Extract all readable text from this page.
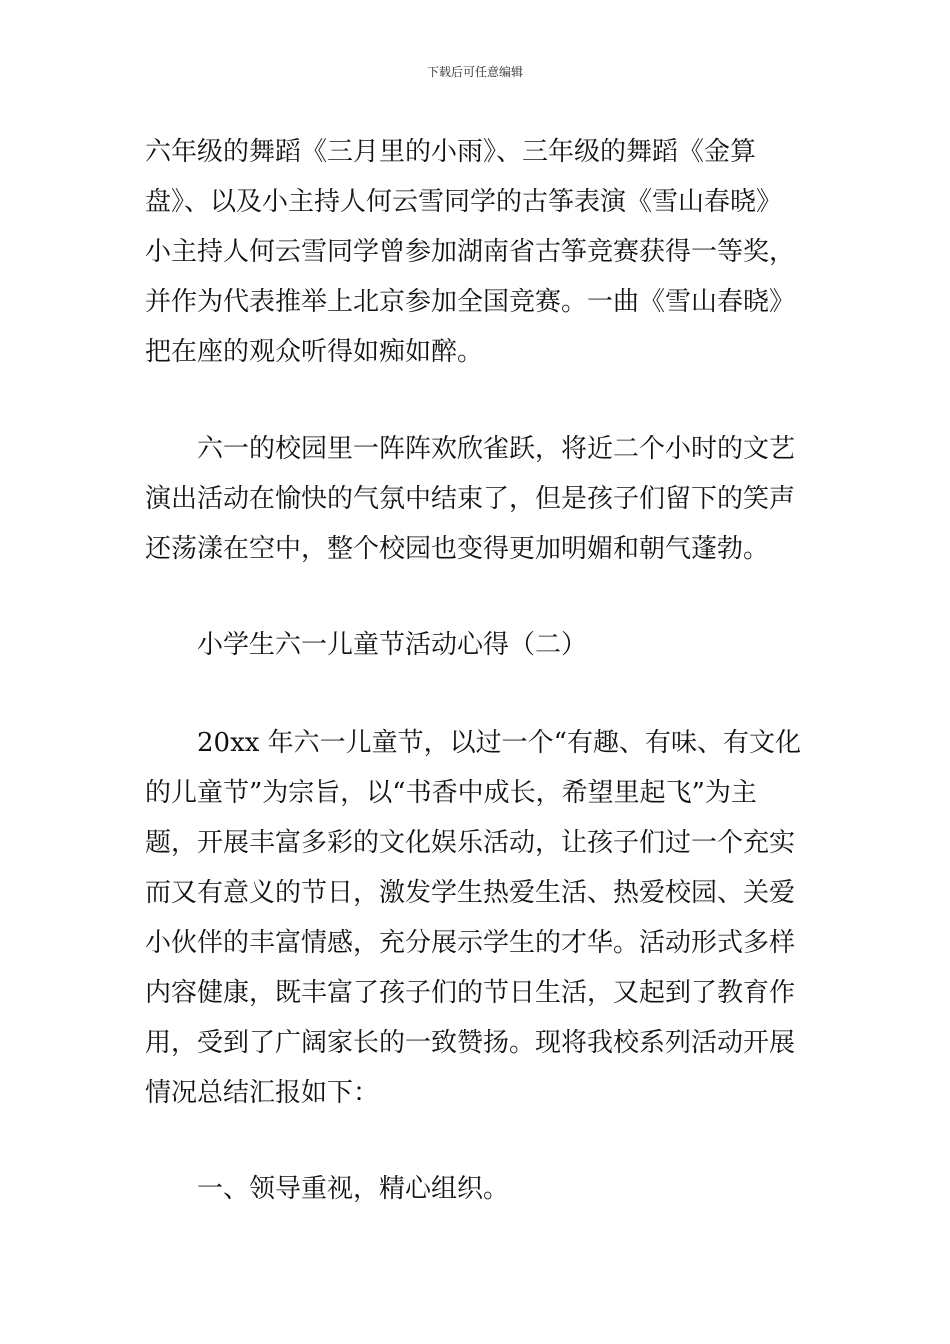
下载后可任意编辑
六年级的舞蹈《三月里的小雨》、三年级的舞蹈《金算
盘》、以及小主持人何云雪同学的古筝表演《雪山春晓》
小主持人何云雪同学曾参加湖南省古筝竞赛获得一等奖，
并作为代表推举上北京参加全国竞赛。一曲《雪山春晓》
把在座的观众听得如痴如醉。
六一的校园里一阵阵欢欣雀跃，将近二个小时的文艺
演出活动在愉快的气氛中结束了，但是孩子们留下的笑声
还荡漾在空中，整个校园也变得更加明媚和朝气蓬勃。
小学生六一儿童节活动心得（二）
20xx 年六一儿童节，以过一个“有趣、有味、有文化
的儿童节”为宗旨，以“书香中成长，希望里起飞”为主
题，开展丰富多彩的文化娱乐活动，让孩子们过一个充实
而又有意义的节日，激发学生热爱生活、热爱校园、关爱
小伙伴的丰富情感，充分展示学生的才华。活动形式多样
内容健康，既丰富了孩子们的节日生活，又起到了教育作
用，受到了广阔家长的一致赞扬。现将我校系列活动开展
情况总结汇报如下：
一、领导重视，精心组织。
